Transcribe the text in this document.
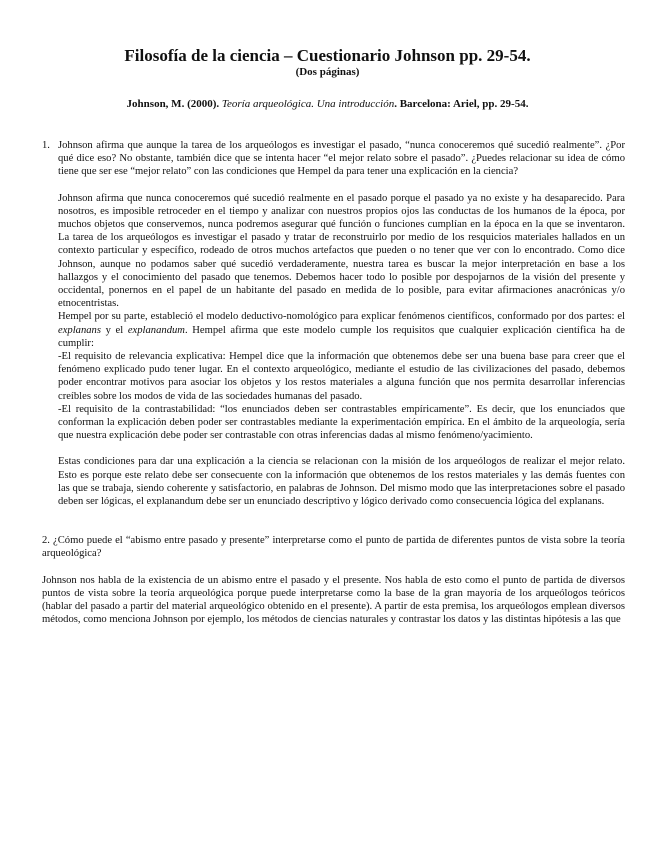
Filosofía de la ciencia – Cuestionario Johnson pp. 29-54.
(Dos páginas)
Johnson, M. (2000). Teoría arqueológica. Una introducción. Barcelona: Ariel, pp. 29-54.

1. Johnson afirma que aunque la tarea de los arqueólogos es investigar el pasado, “nunca conoceremos qué sucedió realmente”. ¿Por qué dice eso? No obstante, también dice que se intenta hacer “el mejor relato sobre el pasado”. ¿Puedes relacionar su idea de cómo tiene que ser ese “mejor relato” con las condiciones que Hempel da para tener una explicación en la ciencia?

Johnson afirma que nunca conoceremos qué sucedió realmente en el pasado porque el pasado ya no existe y ha desaparecido. Para nosotros, es imposible retroceder en el tiempo y analizar con nuestros propios ojos las conductas de los humanos de la época, por muchos objetos que conservemos, nunca podremos asegurar qué función o funciones cumplían en la época en la que se inventaron. La tarea de los arqueólogos es investigar el pasado y tratar de reconstruirlo por medio de los resquicios materiales hallados en un contexto particular y específico, rodeado de otros muchos artefactos que pueden o no tener que ver con lo encontrado. Como dice Johnson, aunque no podamos saber qué sucedió verdaderamente, nuestra tarea es buscar la mejor interpretación en base a los hallazgos y el conocimiento del pasado que tenemos. Debemos hacer todo lo posible por despojarnos de la visión del presente y occidental, ponernos en el papel de un habitante del pasado en medida de lo posible, para evitar afirmaciones anacrónicas y/o etnocentristas.

Hempel por su parte, estableció el modelo deductivo-nomológico para explicar fenómenos científicos, conformado por dos partes: el explanans y el explanandum. Hempel afirma que este modelo cumple los requisitos que cualquier explicación científica ha de cumplir:

-El requisito de relevancia explicativa: Hempel dice que la información que obtenemos debe ser una buena base para creer que el fenómeno explicado pudo tener lugar. En el contexto arqueológico, mediante el estudio de las civilizaciones del pasado, debemos poder encontrar motivos para asociar los objetos y los restos materiales a alguna función que nos permita desarrollar inferencias creíbles sobre los modos de vida de las sociedades humanas del pasado.

-El requisito de la contrastabilidad: “los enunciados deben ser contrastables empíricamente”. Es decir, que los enunciados que conforman la explicación deben poder ser contrastables mediante la experimentación empírica. En el ámbito de la arqueología, sería que nuestra explicación debe poder ser contrastable con otras inferencias dadas al mismo fenómeno/yacimiento.

Estas condiciones para dar una explicación a la ciencia se relacionan con la misión de los arqueólogos de realizar el mejor relato. Esto es porque este relato debe ser consecuente con la información que obtenemos de los restos materiales y las demás fuentes con las que se trabaja, siendo coherente y satisfactorio, en palabras de Johnson. Del mismo modo que las interpretaciones sobre el pasado deben ser lógicas, el explanandum debe ser un enunciado descriptivo y lógico derivado como consecuencia lógica del explanans.

2. ¿Cómo puede el “abismo entre pasado y presente” interpretarse como el punto de partida de diferentes puntos de vista sobre la teoría arqueológica?

Johnson nos habla de la existencia de un abismo entre el pasado y el presente. Nos habla de esto como el punto de partida de diversos puntos de vista sobre la teoría arqueológica porque puede interpretarse como la base de la gran mayoría de los arqueólogos teóricos (hablar del pasado a partir del material arqueológico obtenido en el presente). A partir de esta premisa, los arqueólogos emplean diversos métodos, como menciona Johnson por ejemplo, los métodos de ciencias naturales y contrastar los datos y las distintas hipótesis a las que
